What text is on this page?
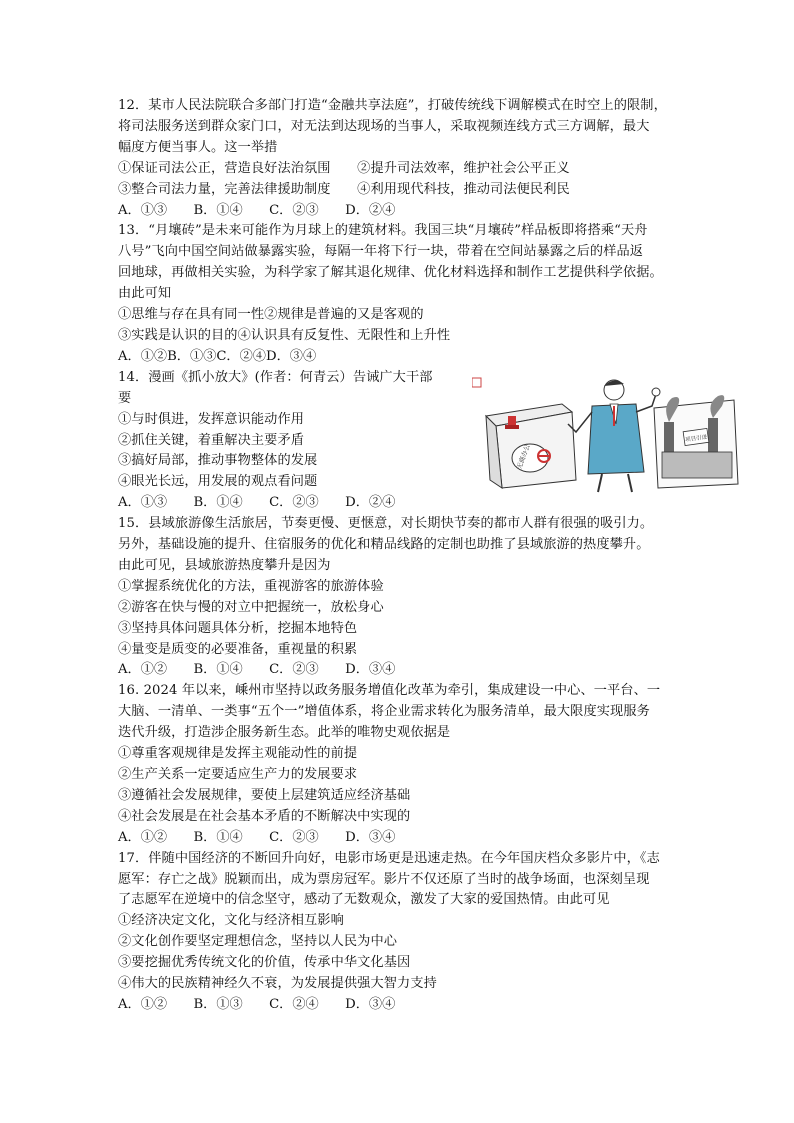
12．某市人民法院联合多部门打造“金融共享法庭”，打破传统线下调解模式在时空上的限制，
将司法服务送到群众家门口，对无法到达现场的当事人，采取视频连线方式三方调解，最大
幅度方便当事人。这一举措
①保证司法公正，营造良好法治氛围　　②提升司法效率，维护社会公平正义
③整合司法力量，完善法律援助制度　　④利用现代科技，推动司法便民利民
A．①③　　B．①④　　C．②③　　D．②④
13．“月壤砖”是未来可能作为月球上的建筑材料。我国三块“月壤砖”样品板即将搭乘“天舟
八号”飞向中国空间站做暴露实验，每隔一年将下行一块，带着在空间站暴露之后的样品返
回地球，再做相关实验，为科学家了解其退化规律、优化材料选择和制作工艺提供科学依据。
由此可知
①思维与存在具有同一性②规律是普遍的又是客观的
③实践是认识的目的④认识具有反复性、无限性和上升性
A．①②B．①③C．②④D．③④
14．漫画《抓小放大》(作者：何青云）告诫广大干部
要
①与时俱进，发挥意识能动作用
②抓住关键，着重解决主要矛盾
③搞好局部，推动事物整体的发展
④眼光长远，用发展的观点看问题
A．①③　　B．①④　　C．②③　　D．②④
无商办公
项目引进
15．县域旅游像生活旅居，节奏更慢、更惬意，对长期快节奏的都市人群有很强的吸引力。
另外，基础设施的提升、住宿服务的优化和精品线路的定制也助推了县域旅游的热度攀升。
由此可见，县域旅游热度攀升是因为
①掌握系统优化的方法，重视游客的旅游体验
②游客在快与慢的对立中把握统一，放松身心
③坚持具体问题具体分析，挖掘本地特色
④量变是质变的必要准备，重视量的积累
A．①②　　B．①④　　C．②③　　D．③④
16. 2024 年以来，嵊州市坚持以政务服务增值化改革为牵引，集成建设一中心、一平台、一
大脑、一清单、一类事“五个一”增值体系，将企业需求转化为服务清单，最大限度实现服务
迭代升级，打造涉企服务新生态。此举的唯物史观依据是
①尊重客观规律是发挥主观能动性的前提
②生产关系一定要适应生产力的发展要求
③遵循社会发展规律，要使上层建筑适应经济基础
④社会发展是在社会基本矛盾的不断解决中实现的
A．①②　　B．①④　　C．②③　　D．③④
17．伴随中国经济的不断回升向好，电影市场更是迅速走热。在今年国庆档众多影片中，《志
愿军：存亡之战》脱颖而出，成为票房冠军。影片不仅还原了当时的战争场面，也深刻呈现
了志愿军在逆境中的信念坚守，感动了无数观众，激发了大家的爱国热情。由此可见
①经济决定文化，文化与经济相互影响
②文化创作要坚定理想信念，坚持以人民为中心
③要挖掘优秀传统文化的价值，传承中华文化基因
④伟大的民族精神经久不衰，为发展提供强大智力支持
A．①②　　B．①③　　C．②④　　D．③④
